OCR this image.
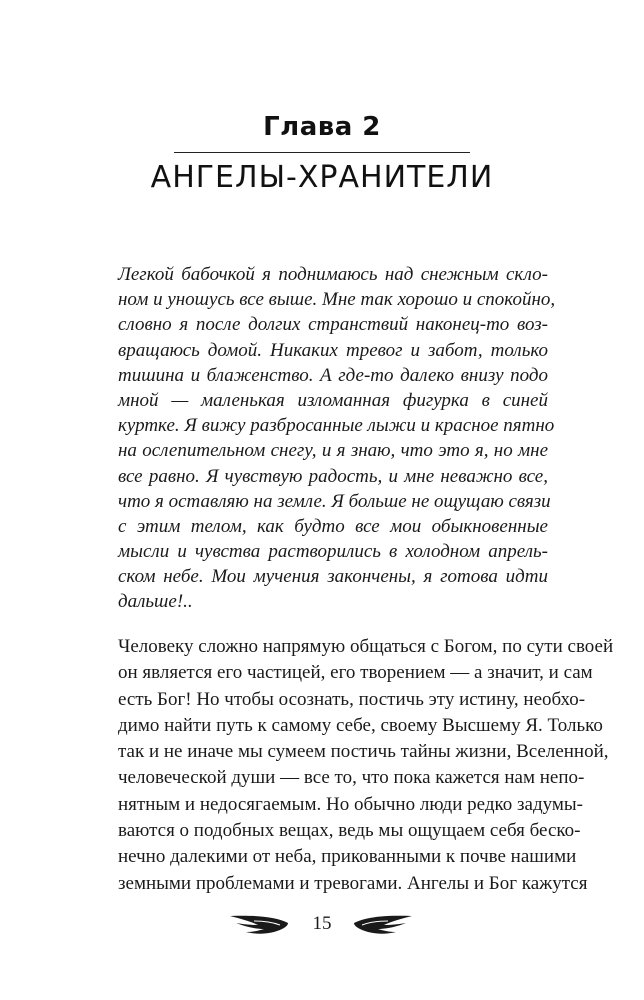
Глава 2
АНГЕЛЫ-ХРАНИТЕЛИ
Легкой бабочкой я поднимаюсь над снежным скло-
ном и уношусь все выше. Мне так хорошо и спокойно,
словно я после долгих странствий наконец-то воз-
вращаюсь домой. Никаких тревог и забот, только
тишина и блаженство. А где-то далеко внизу подо
мной — маленькая изломанная фигурка в синей
куртке. Я вижу разбросанные лыжи и красное пятно
на ослепительном снегу, и я знаю, что это я, но мне
все равно. Я чувствую радость, и мне неважно все,
что я оставляю на земле. Я больше не ощущаю связи
с этим телом, как будто все мои обыкновенные
мысли и чувства растворились в холодном апрель-
ском небе. Мои мучения закончены, я готова идти
дальше!..
Человеку сложно напрямую общаться с Богом, по сути своей
он является его частицей, его творением — а значит, и сам
есть Бог! Но чтобы осознать, постичь эту истину, необхо-
димо найти путь к самому себе, своему Высшему Я. Только
так и не иначе мы сумеем постичь тайны жизни, Вселенной,
человеческой души — все то, что пока кажется нам непо-
нятным и недосягаемым. Но обычно люди редко задумы-
ваются о подобных вещах, ведь мы ощущаем себя беско-
нечно далекими от неба, прикованными к почве нашими
земными проблемами и тревогами. Ангелы и Бог кажутся
15
